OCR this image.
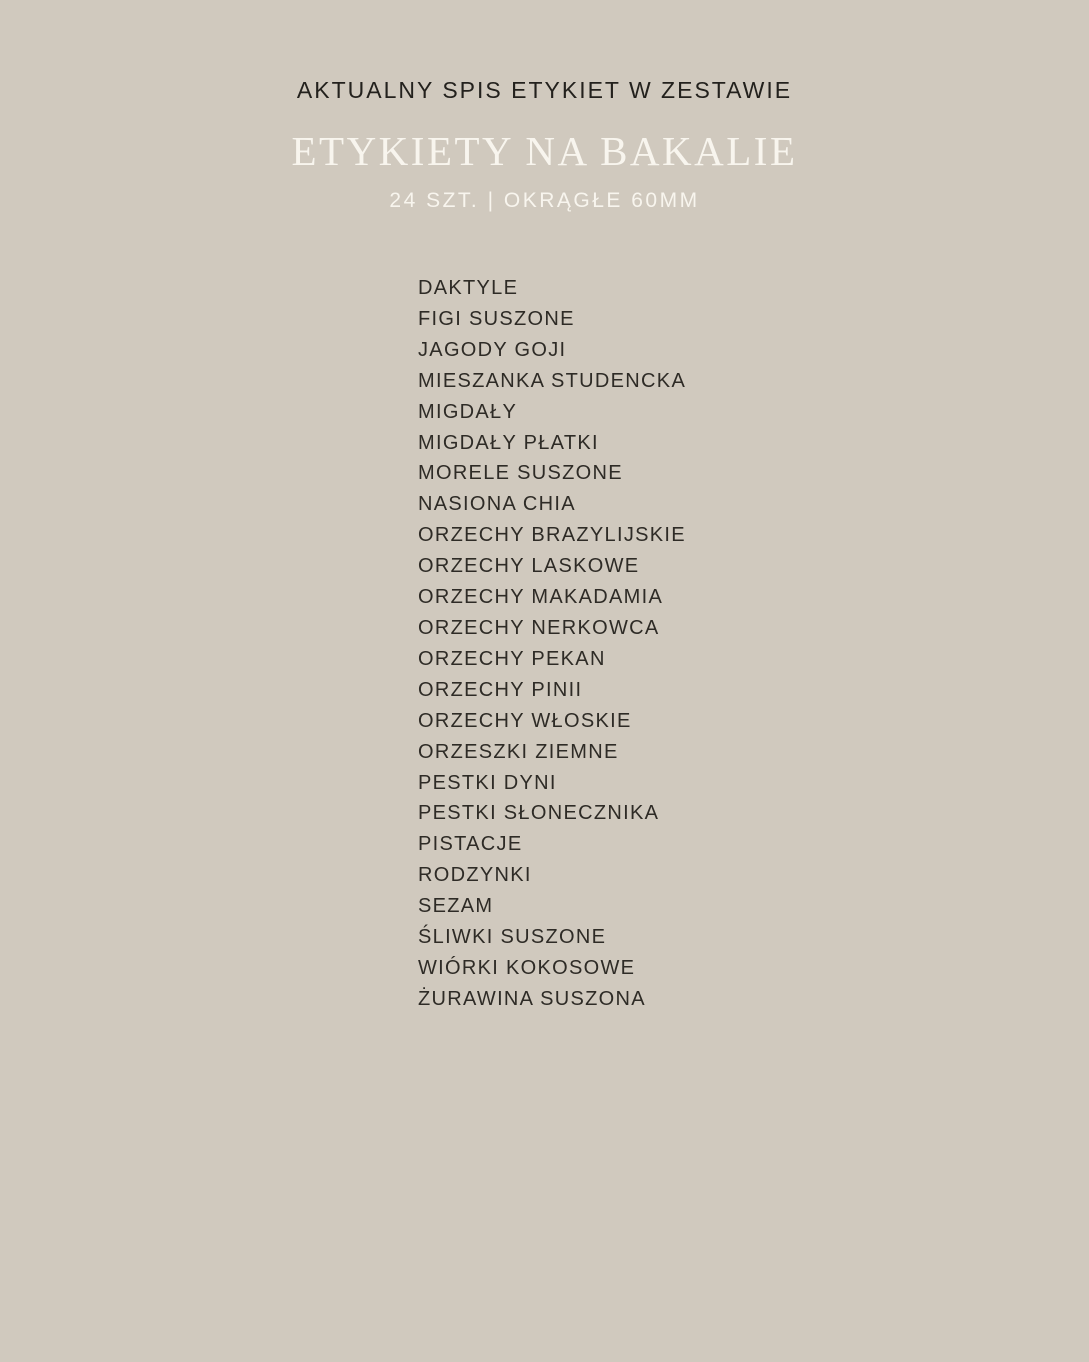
AKTUALNY SPIS ETYKIET W ZESTAWIE
ETYKIETY NA BAKALIE
24 SZT. | OKRĄGŁE 60MM
DAKTYLE
FIGI SUSZONE
JAGODY GOJI
MIESZANKA STUDENCKA
MIGDAŁY
MIGDAŁY PŁATKI
MORELE SUSZONE
NASIONA CHIA
ORZECHY BRAZYLIJSKIE
ORZECHY LASKOWE
ORZECHY MAKADAMIA
ORZECHY NERKOWCA
ORZECHY PEKAN
ORZECHY PINII
ORZECHY WŁOSKIE
ORZESZKI ZIEMNE
PESTKI DYNI
PESTKI SŁONECZNIKA
PISTACJE
RODZYNKI
SEZAM
ŚLIWKI SUSZONE
WIÓRKI KOKOSOWE
ŻURAWINA SUSZONA
